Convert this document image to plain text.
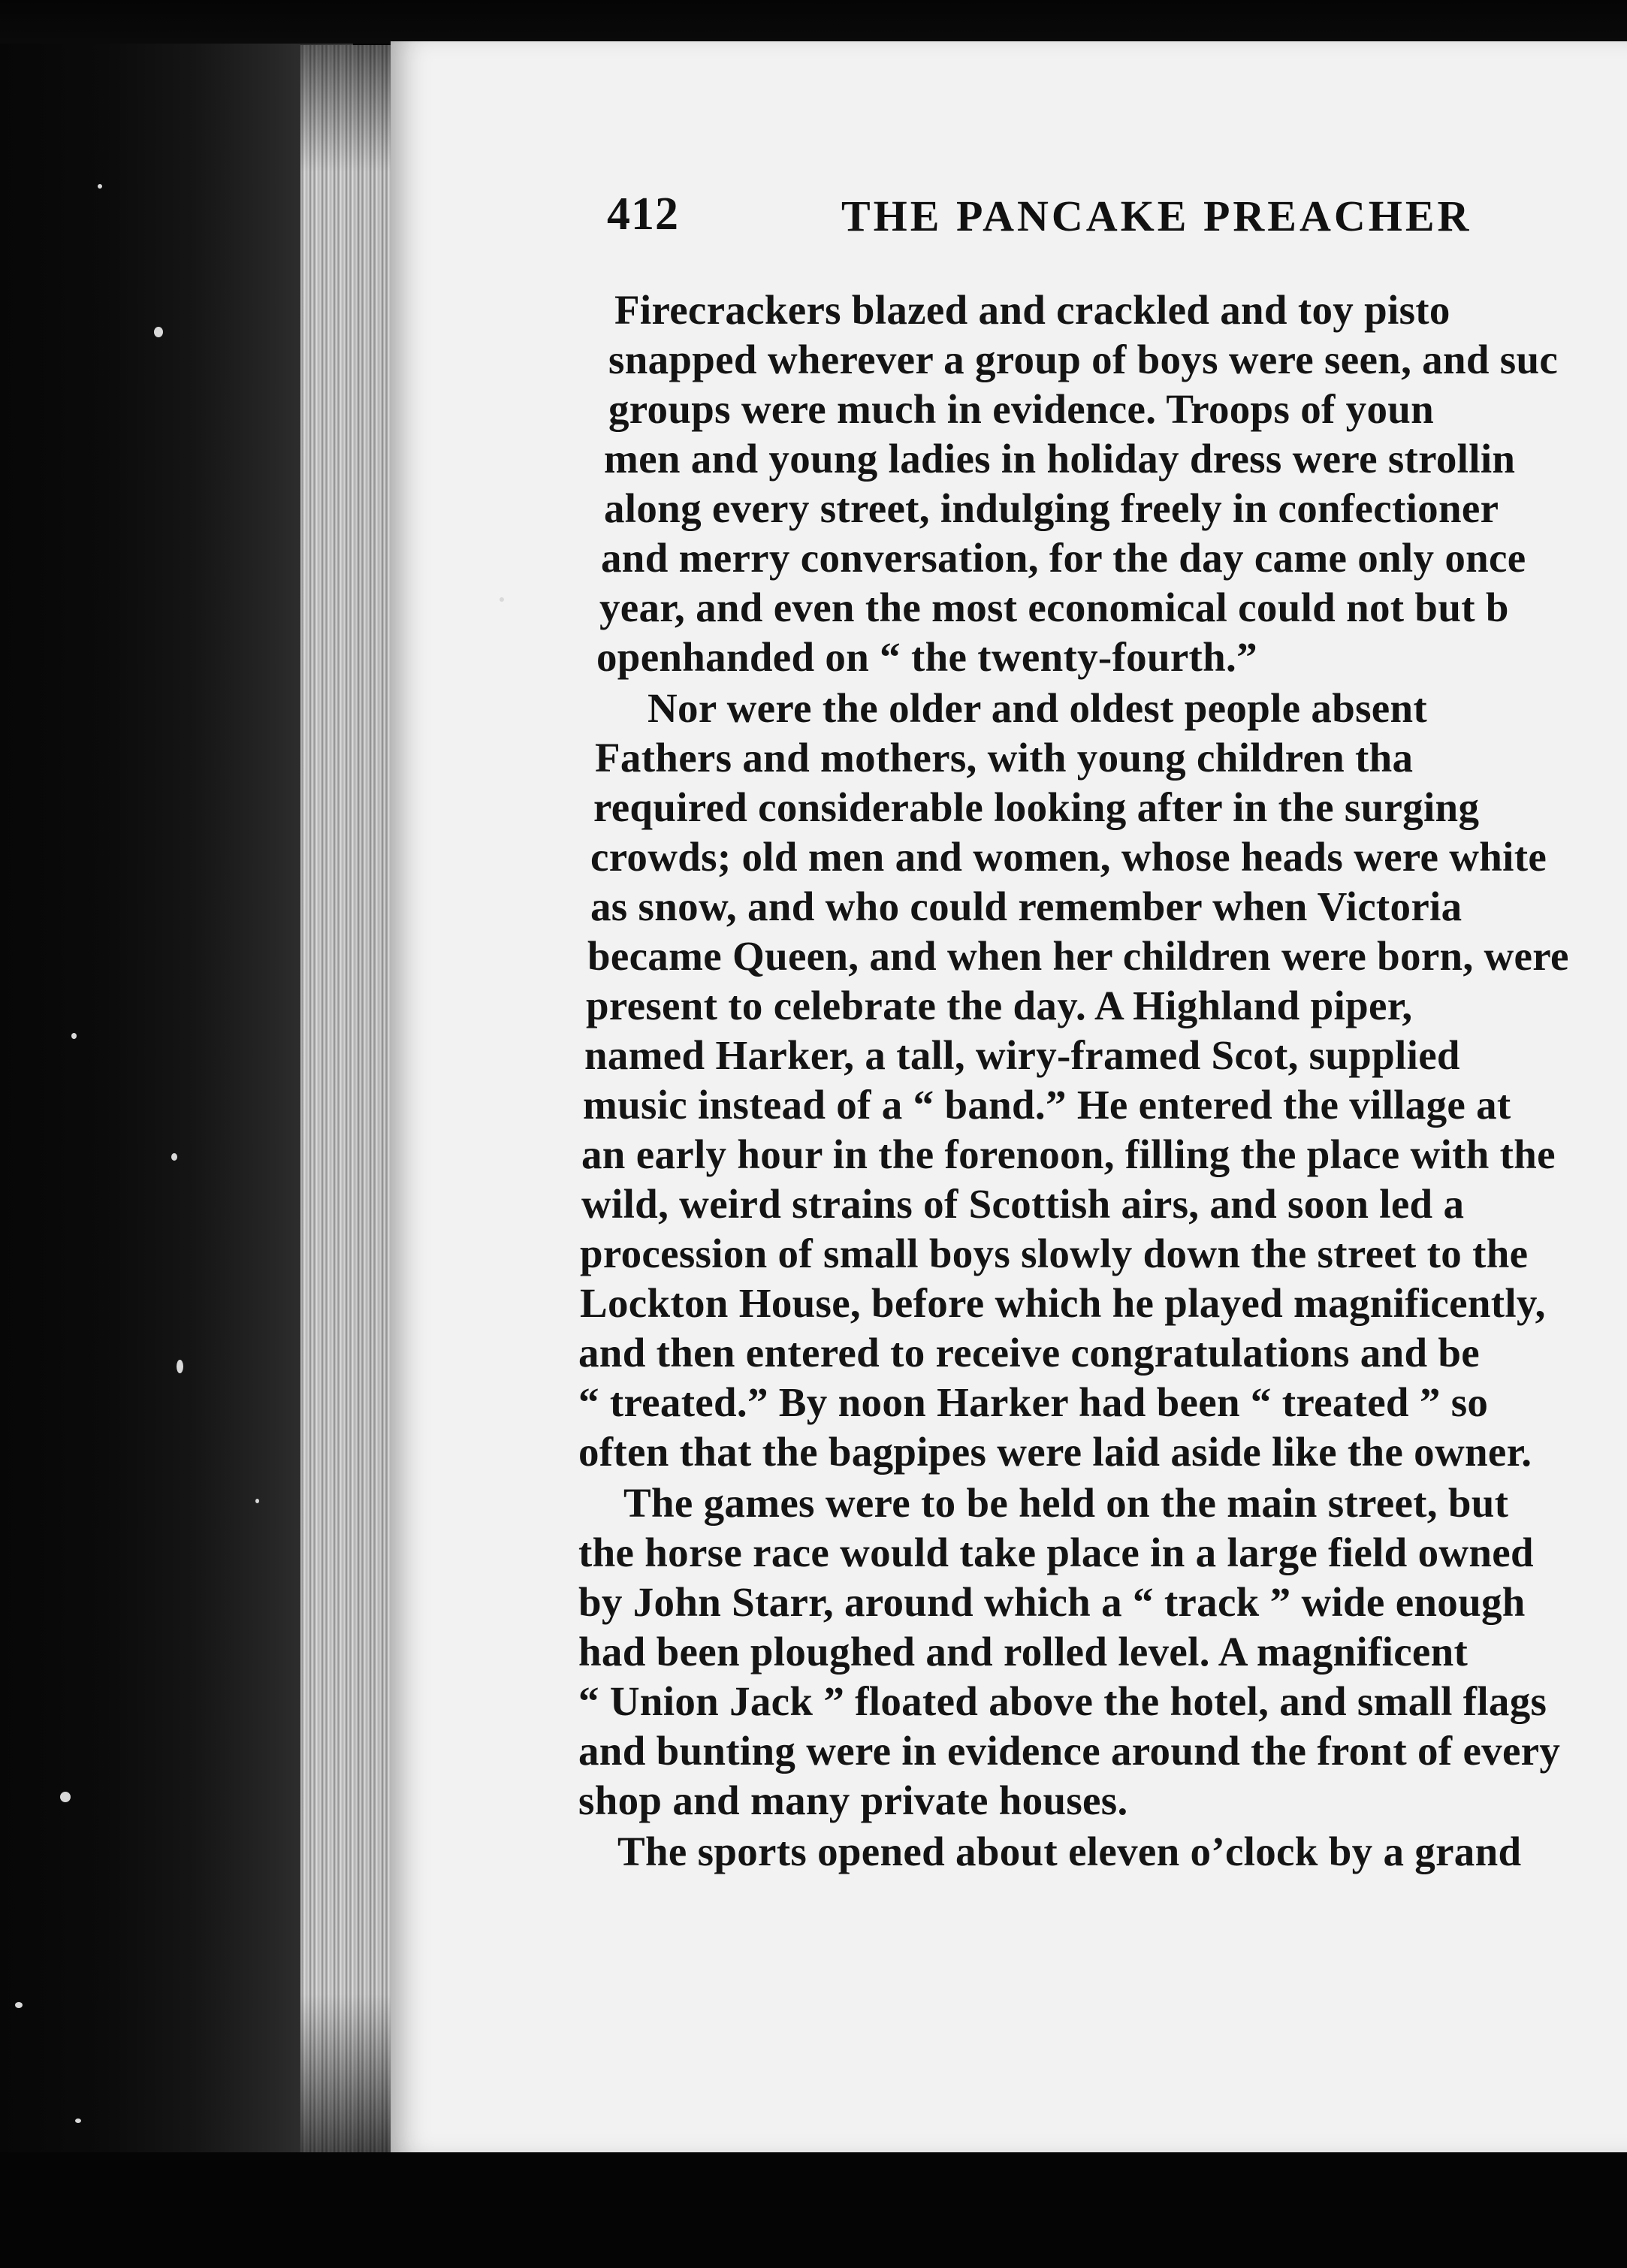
412	THE PANCAKE PREACHER
Firecrackers blazed and crackled and toy pisto
snapped wherever a group of boys were seen, and suc
groups were much in evidence. Troops of youn
men and young ladies in holiday dress were strollin
along every street, indulging freely in confectioner
and merry conversation, for the day came only once
year, and even the most economical could not but b
openhanded on “ the twenty-fourth.”
Nor were the older and oldest people absent
Fathers and mothers, with young children tha
required considerable looking after in the surging
crowds; old men and women, whose heads were white
as snow, and who could remember when Victoria
became Queen, and when her children were born, were
present to celebrate the day. A Highland piper,
named Harker, a tall, wiry-framed Scot, supplied
music instead of a “ band.” He entered the village at
an early hour in the forenoon, filling the place with the
wild, weird strains of Scottish airs, and soon led a
procession of small boys slowly down the street to the
Lockton House, before which he played magnificently,
and then entered to receive congratulations and be
“ treated.” By noon Harker had been “ treated ” so
often that the bagpipes were laid aside like the owner.
The games were to be held on the main street, but
the horse race would take place in a large field owned
by John Starr, around which a “ track ” wide enough
had been ploughed and rolled level. A magnificent
“ Union Jack ” floated above the hotel, and small flags
and bunting were in evidence around the front of every
shop and many private houses.
The sports opened about eleven o’clock by a grand
